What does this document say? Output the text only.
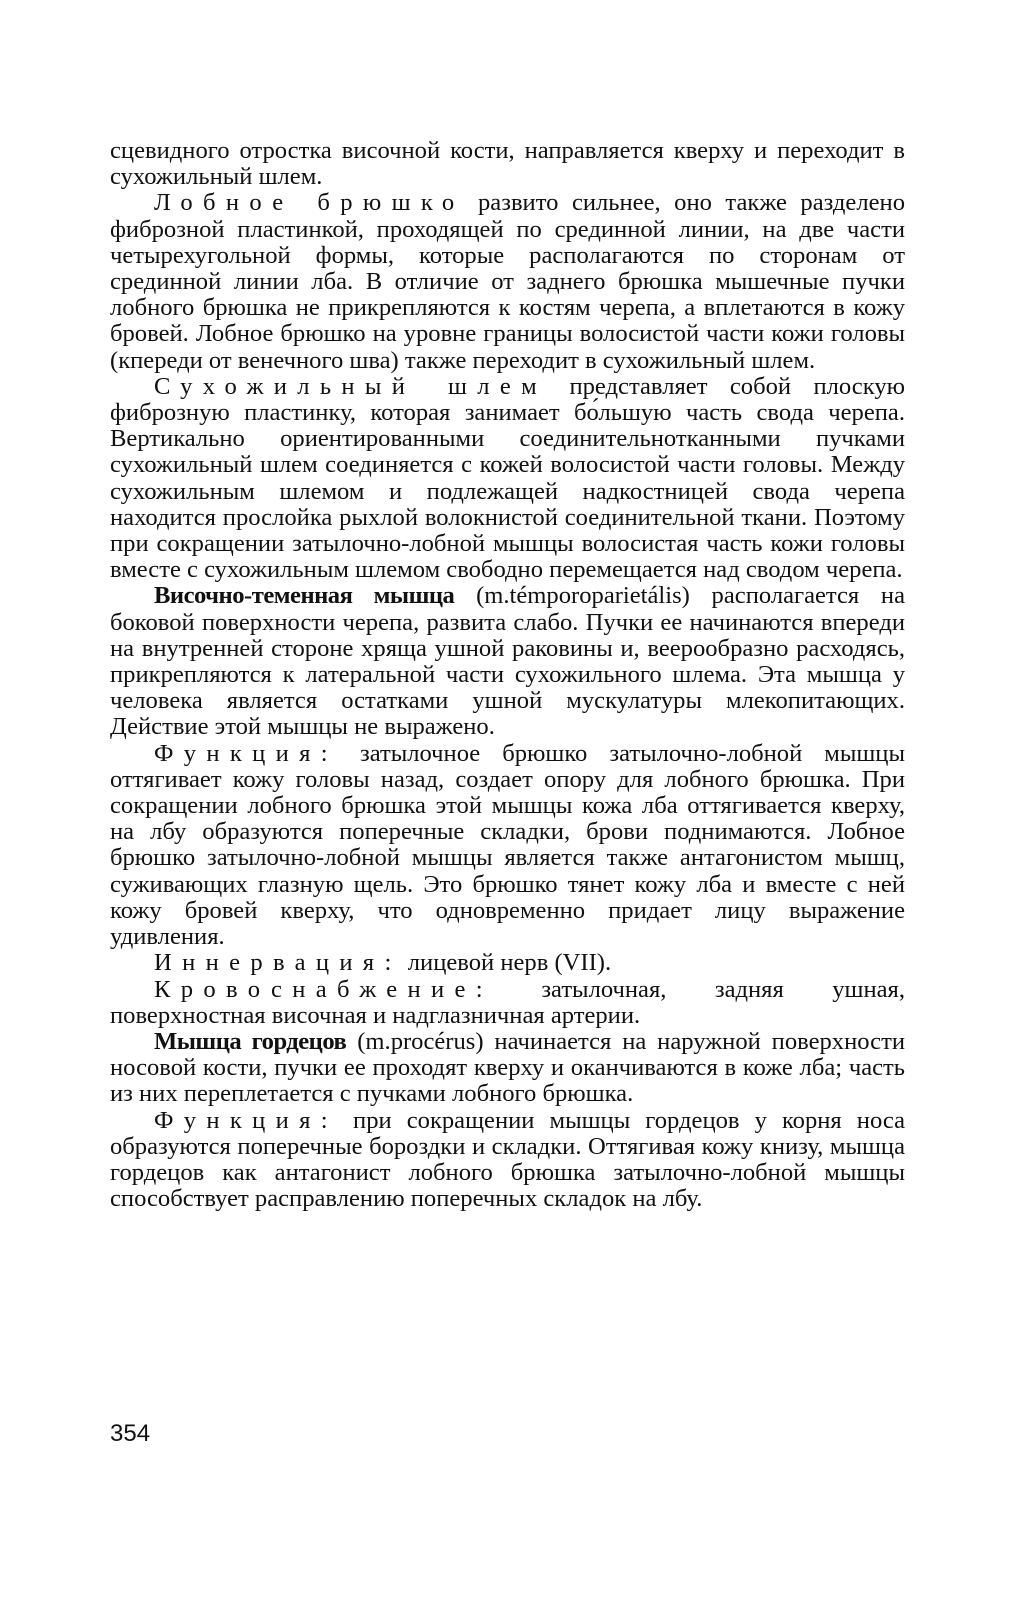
сцевидного отростка височной кости, направляется кверху и переходит в сухожильный шлем.

Лобное брюшко развито сильнее, оно также разделено фиброзной пластинкой, проходящей по срединной линии, на две части четырехугольной формы, которые располагаются по сторонам от срединной линии лба. В отличие от заднего брюшка мышечные пучки лобного брюшка не прикрепляются к костям черепа, а вплетаются в кожу бровей. Лобное брюшко на уровне границы волосистой части кожи головы (кпереди от венечного шва) также переходит в сухожильный шлем.

Сухожильный шлем представляет собой плоскую фиброзную пластинку, которая занимает бо́льшую часть свода черепа. Вертикально ориентированными соединительнотканными пучками сухожильный шлем соединяется с кожей волосистой части головы. Между сухожильным шлемом и подлежащей надкостницей свода черепа находится прослойка рыхлой волокнистой соединительной ткани. Поэтому при сокращении затылочно-лобной мышцы волосистая часть кожи головы вместе с сухожильным шлемом свободно перемещается над сводом черепа.

Височно-теменная мышца (m.témporoparietális) располагается на боковой поверхности черепа, развита слабо. Пучки ее начинаются впереди на внутренней стороне хряща ушной раковины и, веерообразно расходясь, прикрепляются к латеральной части сухожильного шлема. Эта мышца у человека является остатками ушной мускулатуры млекопитающих. Действие этой мышцы не выражено.

Функция: затылочное брюшко затылочно-лобной мышцы оттягивает кожу головы назад, создает опору для лобного брюшка. При сокращении лобного брюшка этой мышцы кожа лба оттягивается кверху, на лбу образуются поперечные складки, брови поднимаются. Лобное брюшко затылочно-лобной мышцы является также антагонистом мышц, суживающих глазную щель. Это брюшко тянет кожу лба и вместе с ней кожу бровей кверху, что одновременно придает лицу выражение удивления.

Иннервация: лицевой нерв (VII).

Кровоснабжение: затылочная, задняя ушная, поверхностная височная и надглазничная артерии.

Мышца гордецов (m.procérus) начинается на наружной поверхности носовой кости, пучки ее проходят кверху и оканчиваются в коже лба; часть из них переплетается с пучками лобного брюшка.

Функция: при сокращении мышцы гордецов у корня носа образуются поперечные бороздки и складки. Оттягивая кожу книзу, мышца гордецов как антагонист лобного брюшка затылочно-лобной мышцы способствует расправлению поперечных складок на лбу.

354
